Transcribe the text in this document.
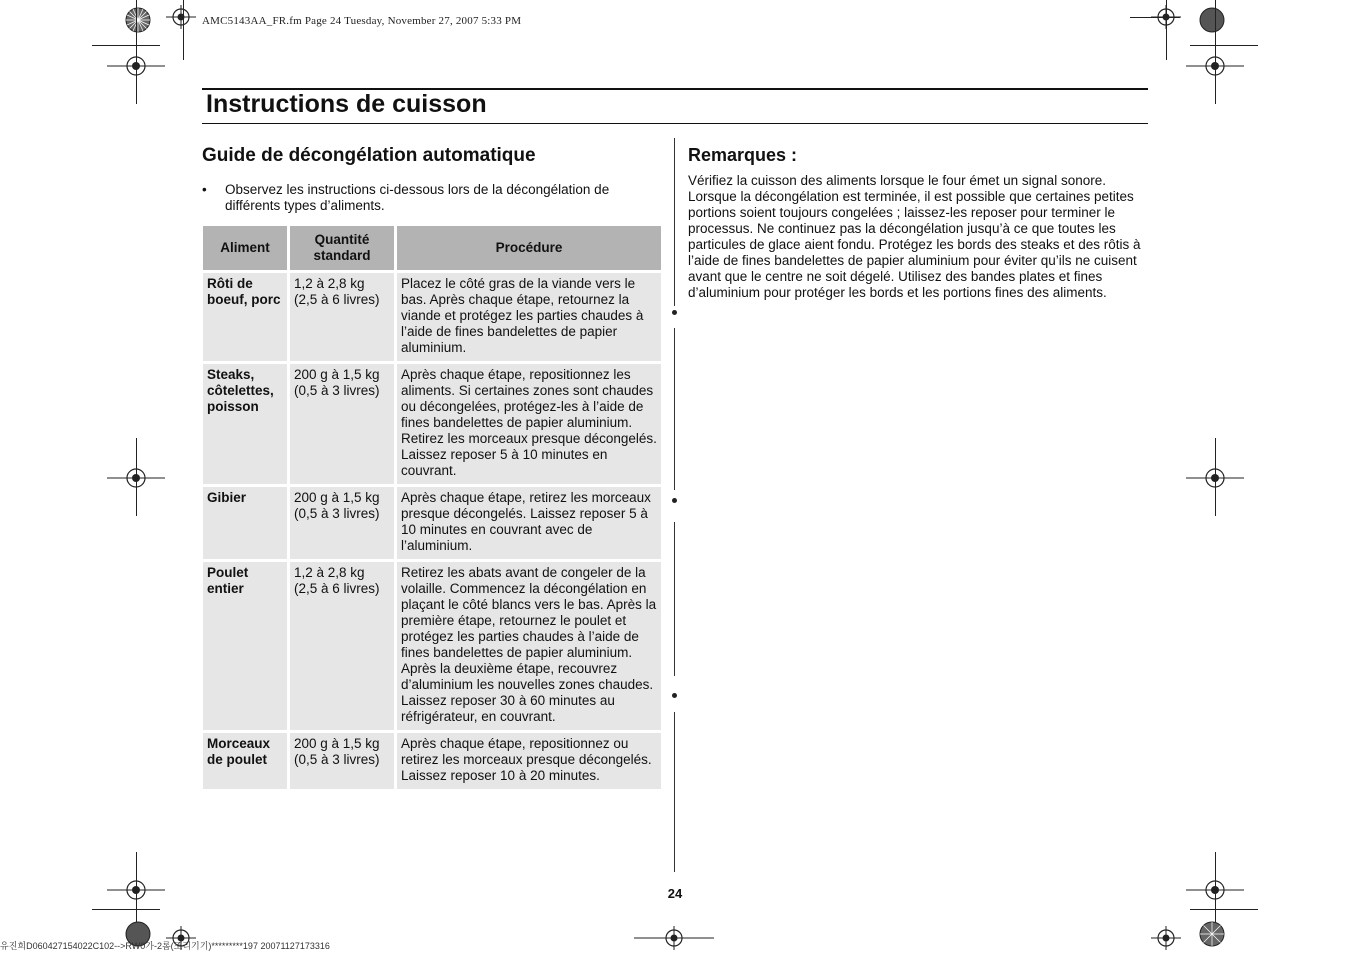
AMC5143AA_FR.fm Page 24 Tuesday, November 27, 2007 5:33 PM
Instructions de cuisson
Guide de décongélation automatique
• Observez les instructions ci-dessous lors de la décongélation de différents types d’aliments.
Aliment	Quantité standard	Procédure
Rôti de boeuf, porc	1,2 à 2,8 kg (2,5 à 6 livres)	Placez le côté gras de la viande vers le bas. Après chaque étape, retournez la viande et protégez les parties chaudes à l’aide de fines bandelettes de papier aluminium.
Steaks, côtelettes, poisson	200 g à 1,5 kg (0,5 à 3 livres)	Après chaque étape, repositionnez les aliments. Si certaines zones sont chaudes ou décongelées, protégez-les à l’aide de fines bandelettes de papier aluminium. Retirez les morceaux presque décongelés. Laissez reposer 5 à 10 minutes en couvrant.
Gibier	200 g à 1,5 kg (0,5 à 3 livres)	Après chaque étape, retirez les morceaux presque décongelés. Laissez reposer 5 à 10 minutes en couvrant avec de l’aluminium.
Poulet entier	1,2 à 2,8 kg (2,5 à 6 livres)	Retirez les abats avant de congeler de la volaille. Commencez la décongélation en plaçant le côté blancs vers le bas. Après la première étape, retournez le poulet et protégez les parties chaudes à l’aide de fines bandelettes de papier aluminium. Après la deuxième étape, recouvrez d’aluminium les nouvelles zones chaudes. Laissez reposer 30 à 60 minutes au réfrigérateur, en couvrant.
Morceaux de poulet	200 g à 1,5 kg (0,5 à 3 livres)	Après chaque étape, repositionnez ou retirez les morceaux presque décongelés. Laissez reposer 10 à 20 minutes.
Remarques :
Vérifiez la cuisson des aliments lorsque le four émet un signal sonore. Lorsque la décongélation est terminée, il est possible que certaines petites portions soient toujours congelées ; laissez-les reposer pour terminer le processus. Ne continuez pas la décongélation jusqu’à ce que toutes les particules de glace aient fondu. Protégez les bords des steaks et des rôtis à l’aide de fines bandelettes de papier aluminium pour éviter qu’ils ne cuisent avant que le centre ne soit dégelé. Utilisez des bandes plates et fines d’aluminium pour protéger les bords et les portions fines des aliments.
24
유진희D060427154022C102-->RW0가-2롬(조리기기)*********197 20071127173316
